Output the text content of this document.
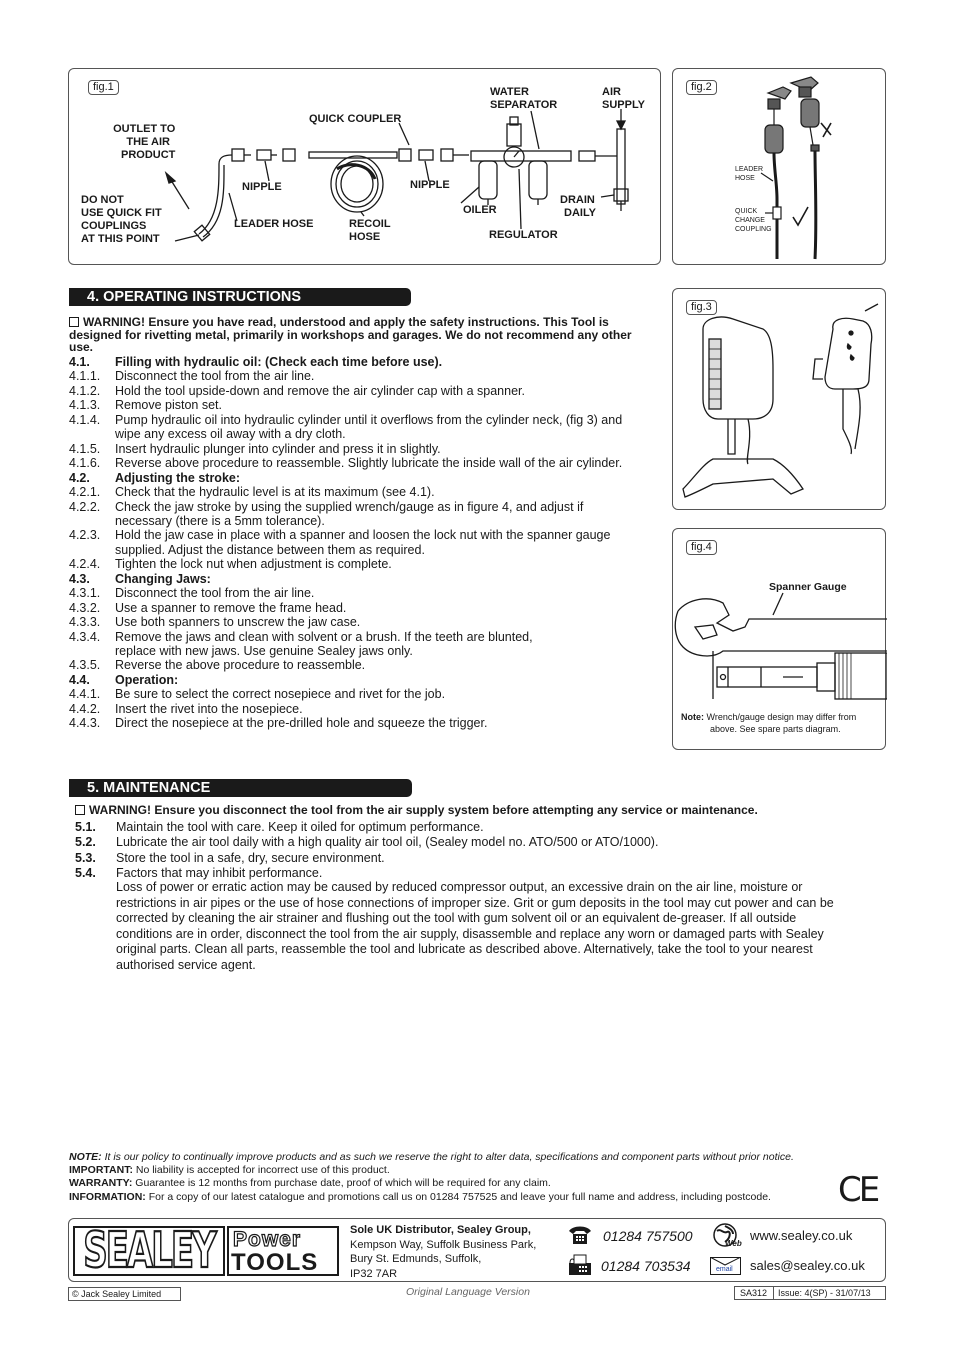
fig.1
OUTLET TO
THE AIR
PRODUCT
QUICK COUPLER
WATER
SEPARATOR
AIR
SUPPLY
NIPPLE	NIPPLE
DO NOT
USE QUICK FIT
COUPLINGS
AT THIS POINT
LEADER HOSE	RECOIL
HOSE
OILER
DRAIN
DAILY
REGULATOR
fig.2
LEADER
HOSE
QUICK
CHANGE
COUPLING
4. OPERATING INSTRUCTIONS
WARNING! Ensure you have read, understood and apply the safety instructions. This Tool is
designed for rivetting metal, primarily in workshops and garages. We do not recommend any other
use.
4.1. Filling with hydraulic oil: (Check each time before use).
4.1.1. Disconnect the tool from the air line.
4.1.2. Hold the tool upside-down and remove the air cylinder cap with a spanner.
4.1.3. Remove piston set.
4.1.4. Pump hydraulic oil into hydraulic cylinder until it overflows from the cylinder neck, (fig 3) and
wipe any excess oil away with a dry cloth.
4.1.5. Insert hydraulic plunger into cylinder and press it in slightly.
4.1.6. Reverse above procedure to reassemble. Slightly lubricate the inside wall of the air cylinder.
4.2. Adjusting the stroke:
4.2.1. Check that the hydraulic level is at its maximum (see 4.1).
4.2.2. Check the jaw stroke by using the supplied wrench/gauge as in figure 4, and adjust if
necessary (there is a 5mm tolerance).
4.2.3. Hold the jaw case in place with a spanner and loosen the lock nut with the spanner gauge
supplied. Adjust the distance between them as required.
4.2.4. Tighten the lock nut when adjustment is complete.
4.3. Changing Jaws:
4.3.1. Disconnect the tool from the air line.
4.3.2. Use a spanner to remove the frame head.
4.3.3. Use both spanners to unscrew the jaw case.
4.3.4. Remove the jaws and clean with solvent or a brush. If the teeth are blunted,
replace with new jaws. Use genuine Sealey jaws only.
4.3.5. Reverse the above procedure to reassemble.
4.4. Operation:
4.4.1. Be sure to select the correct nosepiece and rivet for the job.
4.4.2. Insert the rivet into the nosepiece.
4.4.3. Direct the nosepiece at the pre-drilled hole and squeeze the trigger.
fig.3
fig.4
Spanner Gauge
Note: Wrench/gauge design may differ from
above. See spare parts diagram.
5. MAINTENANCE
WARNING! Ensure you disconnect the tool from the air supply system before attempting any service or maintenance.
5.1. Maintain the tool with care. Keep it oiled for optimum performance.
5.2. Lubricate the air tool daily with a high quality air tool oil, (Sealey model no. ATO/500 or ATO/1000).
5.3. Store the tool in a safe, dry, secure environment.
5.4. Factors that may inhibit performance.
Loss of power or erratic action may be caused by reduced compressor output, an excessive drain on the air line, moisture or
restrictions in air pipes or the use of hose connections of improper size. Grit or gum deposits in the tool may cut power and can be
corrected by cleaning the air strainer and flushing out the tool with gum solvent oil or an equivalent de-greaser. If all outside
conditions are in order, disconnect the tool from the air supply, disassemble and replace any worn or damaged parts with Sealey
original parts. Clean all parts, reassemble the tool and lubricate as described above. Alternatively, take the tool to your nearest
authorised service agent.
NOTE: It is our policy to continually improve products and as such we reserve the right to alter data, specifications and component parts without prior notice.
IMPORTANT: No liability is accepted for incorrect use of this product.
WARRANTY: Guarantee is 12 months from purchase date, proof of which will be required for any claim.
INFORMATION: For a copy of our latest catalogue and promotions call us on 01284 757525 and leave your full name and address, including postcode. CE
SEALEY Power
TOOLS
Sole UK Distributor, Sealey Group,
Kempson Way, Suffolk Business Park,
Bury St. Edmunds, Suffolk,
IP32 7AR
01284 757500
01284 703534
Web
www.sealey.co.uk
email sales@sealey.co.uk
© Jack Sealey Limited	Original Language Version	SA312 Issue: 4(SP) - 31/07/13
